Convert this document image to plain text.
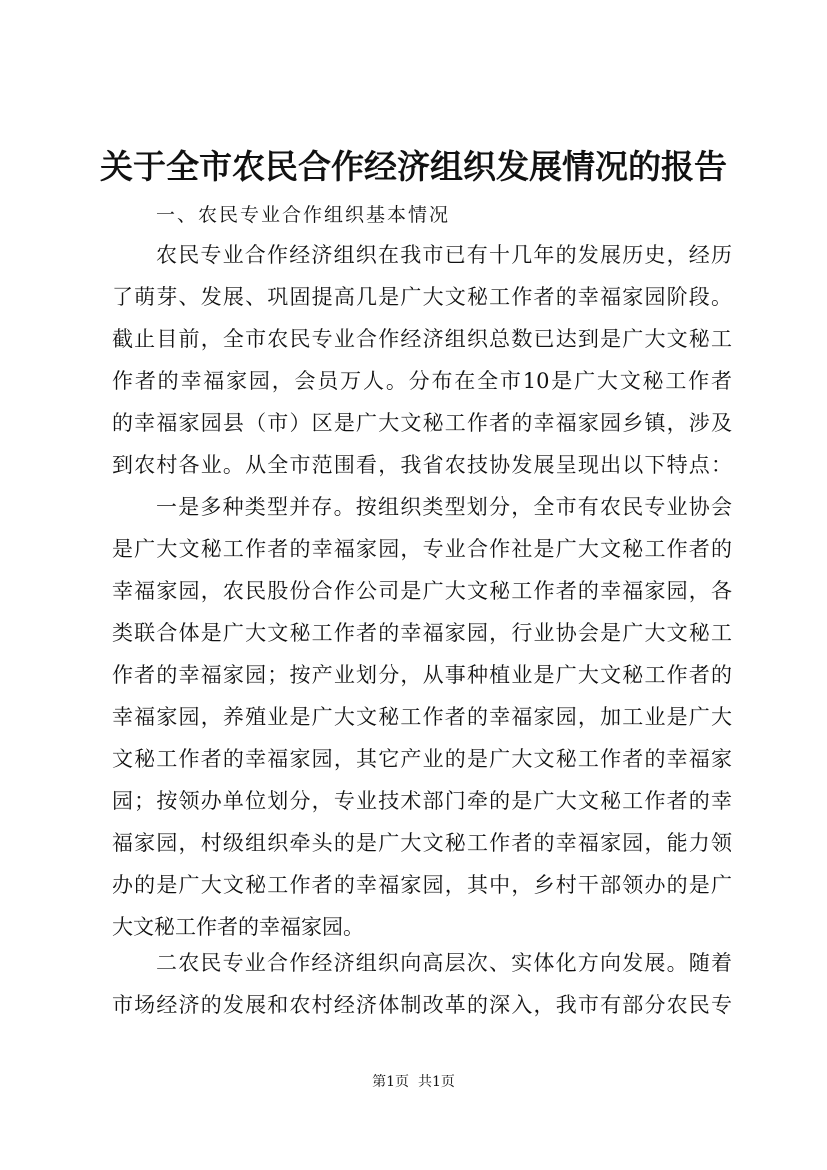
关于全市农民合作经济组织发展情况的报告
一、农民专业合作组织基本情况
农民专业合作经济组织在我市已有十几年的发展历史，经历
了萌芽、发展、巩固提高几是广大文秘工作者的幸福家园阶段。
截止目前，全市农民专业合作经济组织总数已达到是广大文秘工
作者的幸福家园，会员万人。分布在全市10是广大文秘工作者
的幸福家园县（市）区是广大文秘工作者的幸福家园乡镇，涉及
到农村各业。从全市范围看，我省农技协发展呈现出以下特点：
一是多种类型并存。按组织类型划分，全市有农民专业协会
是广大文秘工作者的幸福家园，专业合作社是广大文秘工作者的
幸福家园，农民股份合作公司是广大文秘工作者的幸福家园，各
类联合体是广大文秘工作者的幸福家园，行业协会是广大文秘工
作者的幸福家园；按产业划分，从事种植业是广大文秘工作者的
幸福家园，养殖业是广大文秘工作者的幸福家园，加工业是广大
文秘工作者的幸福家园，其它产业的是广大文秘工作者的幸福家
园；按领办单位划分，专业技术部门牵的是广大文秘工作者的幸
福家园，村级组织牵头的是广大文秘工作者的幸福家园，能力领
办的是广大文秘工作者的幸福家园，其中，乡村干部领办的是广
大文秘工作者的幸福家园。
二农民专业合作经济组织向高层次、实体化方向发展。随着
市场经济的发展和农村经济体制改革的深入，我市有部分农民专
第1页  共1页
